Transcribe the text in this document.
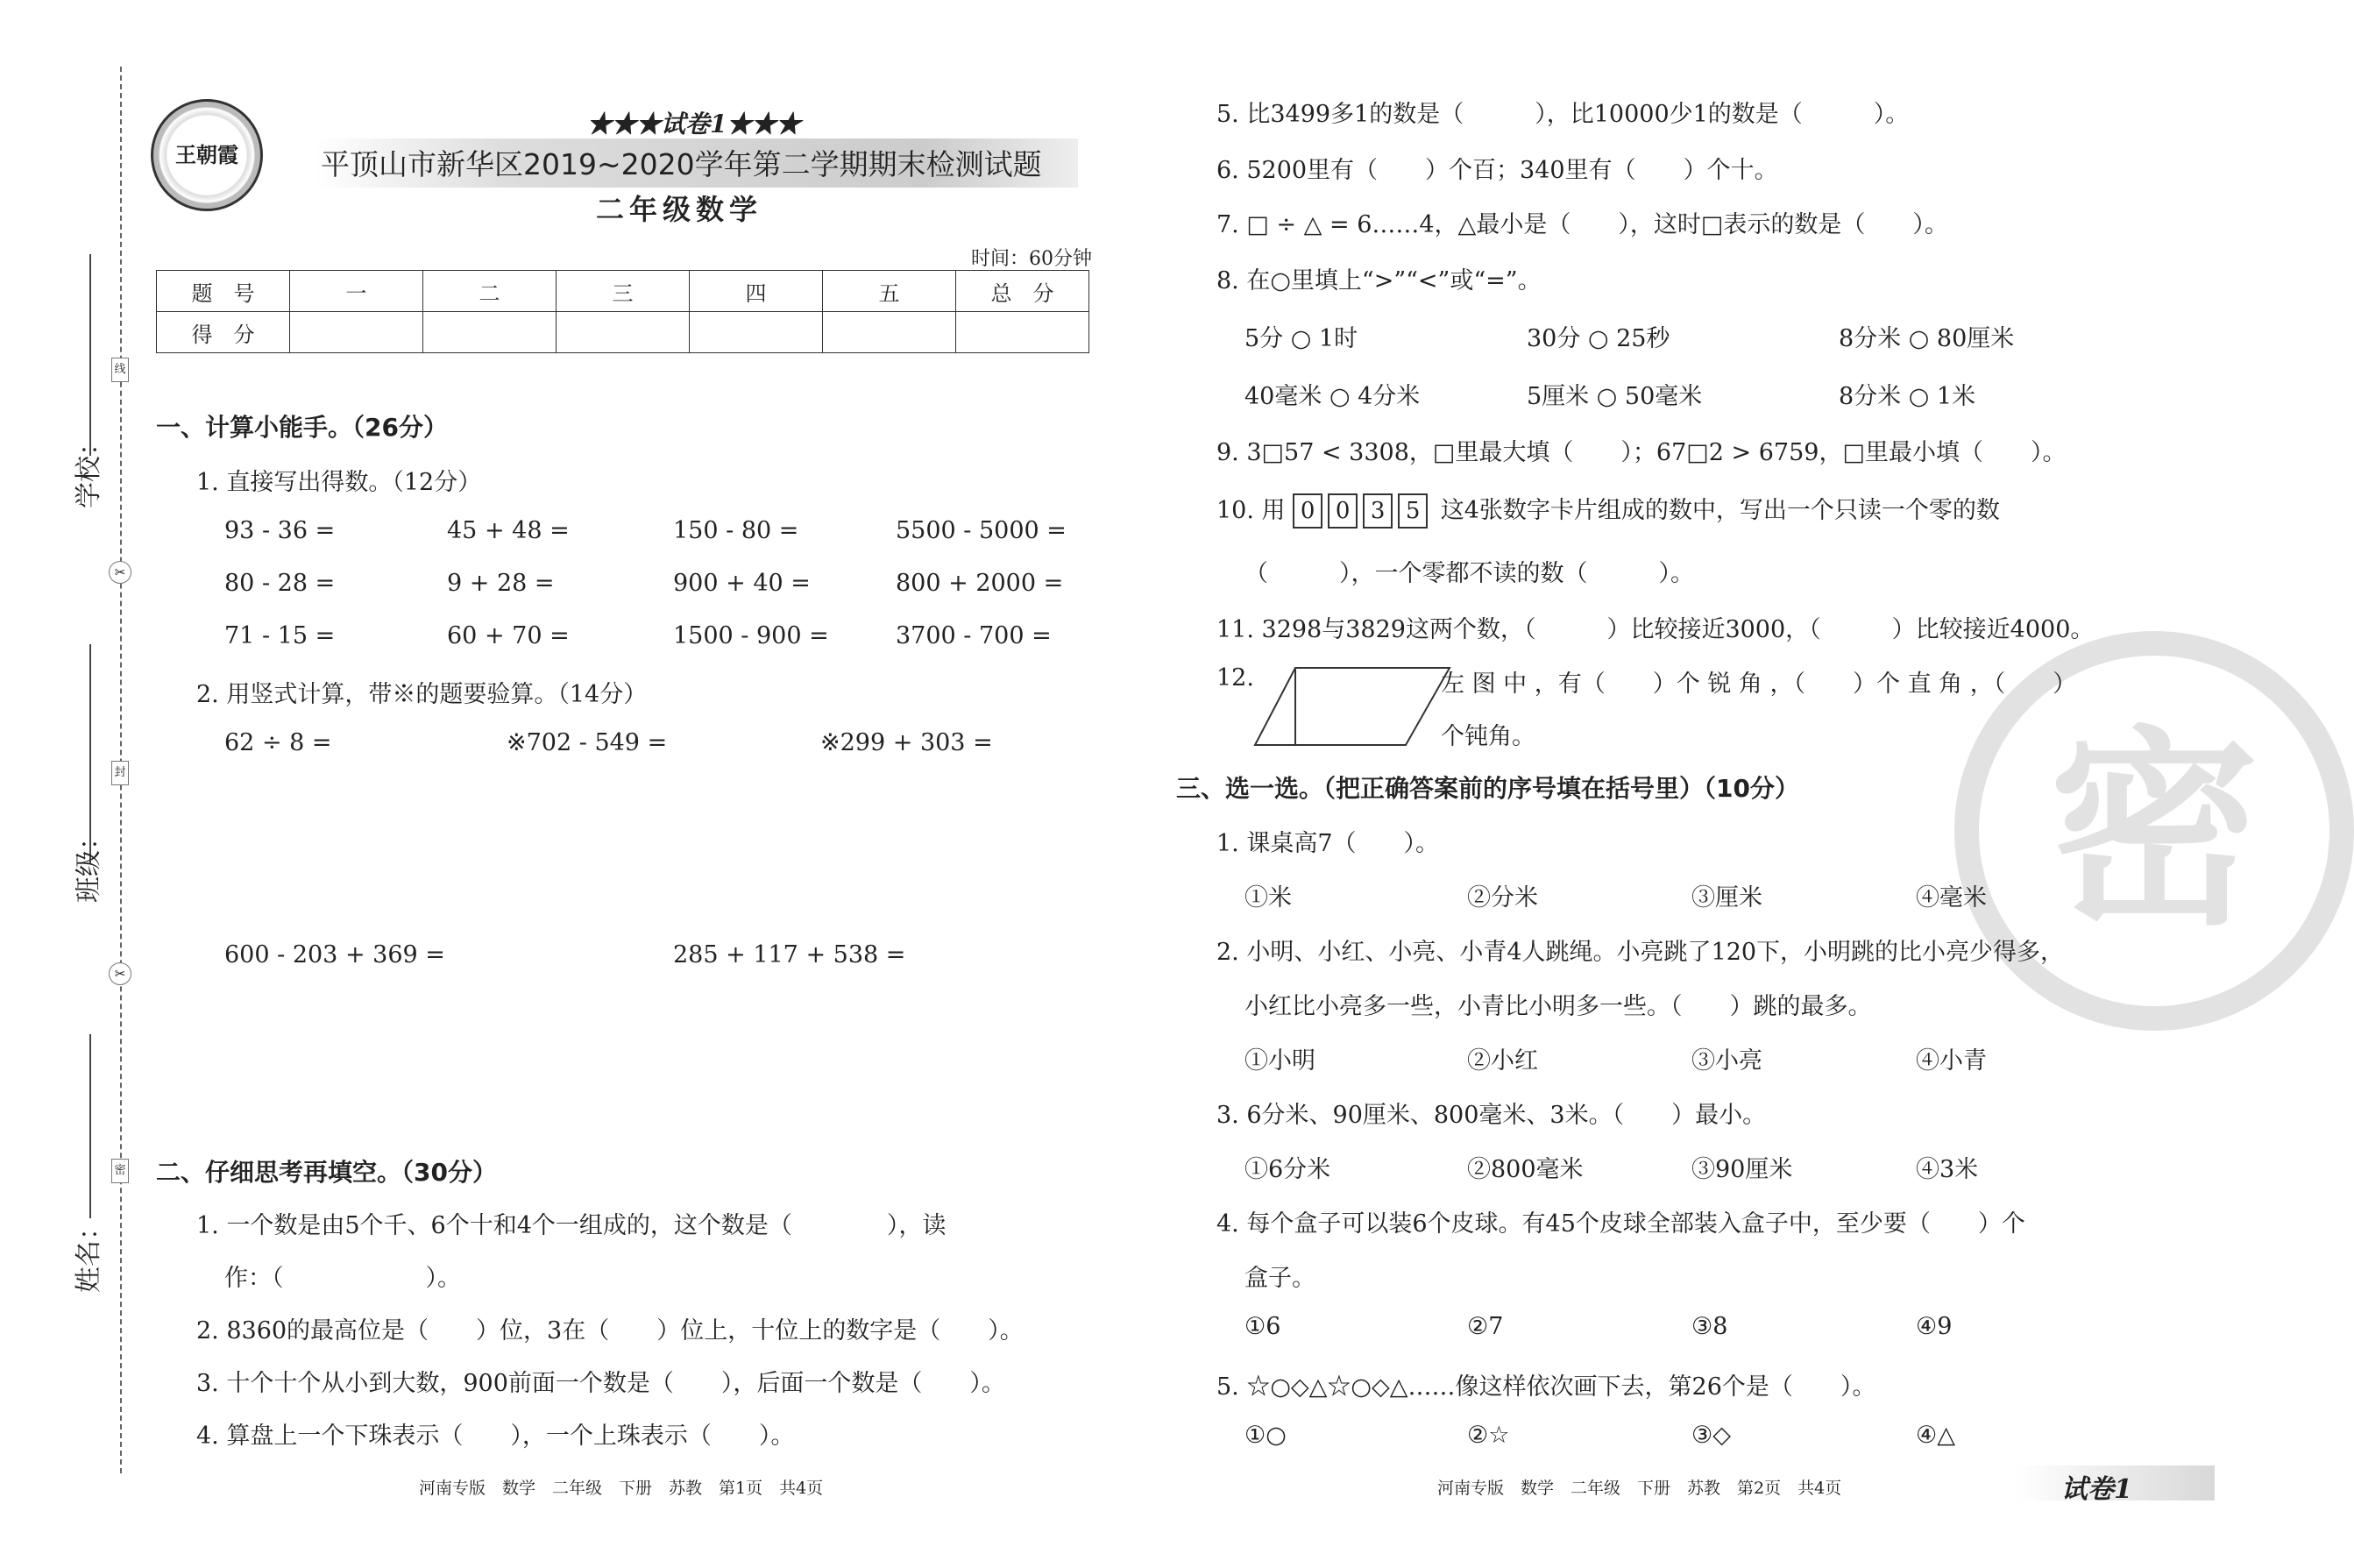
学校：
班级：
姓名：
线
✂
封
✂
密
王朝霞
★★★试卷1★★★
平顶山市新华区2019~2020学年第二学期期末检测试题
二年级数学
时间：60分钟
题　号	一	二	三	四	五	总　分
得　分						
一、计算小能手。（26分）
1. 直接写出得数。（12分）
93 - 36 =	45 + 48 =	150 - 80 =	5500 - 5000 =
80 - 28 =	9 + 28 =	900 + 40 =	800 + 2000 =
71 - 15 =	60 + 70 =	1500 - 900 =	3700 - 700 =
2. 用竖式计算，带※的题要验算。（14分）
62 ÷ 8 =	※702 - 549 =	※299 + 303 =
600 - 203 + 369 =	285 + 117 + 538 =
二、仔细思考再填空。（30分）
1. 一个数是由5个千、6个十和4个一组成的，这个数是（　　　　），读
作：（　　　　　　）。
2. 8360的最高位是（　　）位，3在（　　）位上，十位上的数字是（　　）。
3. 十个十个从小到大数，900前面一个数是（　　），后面一个数是（　　）。
4. 算盘上一个下珠表示（　　），一个上珠表示（　　）。
河南专版　数学　二年级　下册　苏教　第1页　共4页
密
5. 比3499多1的数是（　　　），比10000少1的数是（　　　）。
6. 5200里有（　　）个百；340里有（　　）个十。
7. □ ÷ △ = 6……4，△最小是（　　），这时□表示的数是（　　）。
8. 在○里填上“>”“<”或“=”。
5分 ○ 1时	30分 ○ 25秒	8分米 ○ 80厘米
40毫米 ○ 4分米	5厘米 ○ 50毫米	8分米 ○ 1米
9. 3□57 < 3308，□里最大填（　　）；67□2 > 6759，□里最小填（　　）。
10. 用 0 0 3 5 这4张数字卡片组成的数中，写出一个只读一个零的数
（　　　），一个零都不读的数（　　　）。
11. 3298与3829这两个数，（　　　）比较接近3000，（　　　）比较接近4000。
12.	左 图 中 ，有（　　）个 锐 角 ，（　　）个 直 角 ，（　　）
个钝角。
三、选一选。（把正确答案前的序号填在括号里）（10分）
1. 课桌高7（　　）。
①米	②分米	③厘米	④毫米
2. 小明、小红、小亮、小青4人跳绳。小亮跳了120下，小明跳的比小亮少得多，
小红比小亮多一些，小青比小明多一些。（　　）跳的最多。
①小明	②小红	③小亮	④小青
3. 6分米、90厘米、800毫米、3米。（　　）最小。
①6分米	②800毫米	③90厘米	④3米
4. 每个盒子可以装6个皮球。有45个皮球全部装入盒子中，至少要（　　）个
盒子。
①6	②7	③8	④9
5. ☆○◇△☆○◇△……像这样依次画下去，第26个是（　　）。
①○	②☆	③◇	④△
河南专版　数学　二年级　下册　苏教　第2页　共4页	试卷1
